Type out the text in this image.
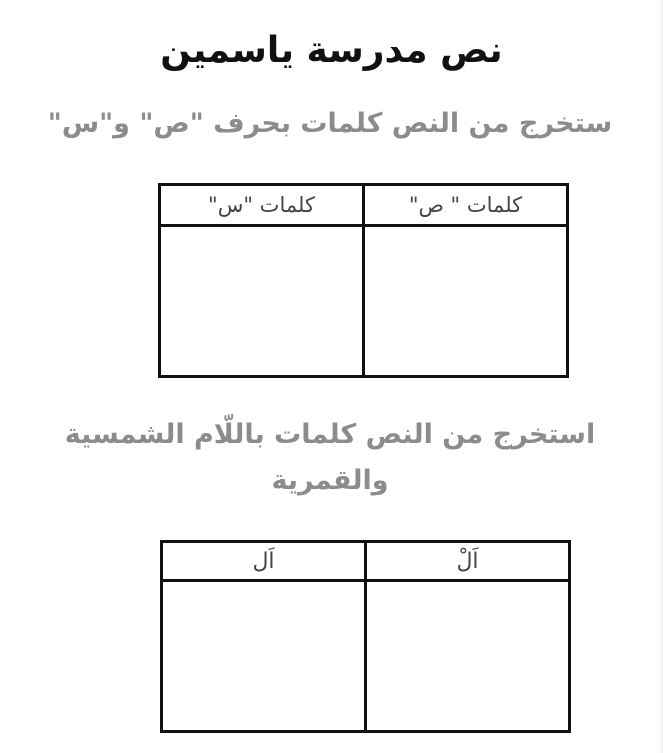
نص مدرسة ياسمين
ستخرج من النص كلمات بحرف "ص" و"س"
كلمات " ص"	كلمات "س"

استخرج من النص كلمات باللّام الشمسية والقمرية
اَلْ	اَل
